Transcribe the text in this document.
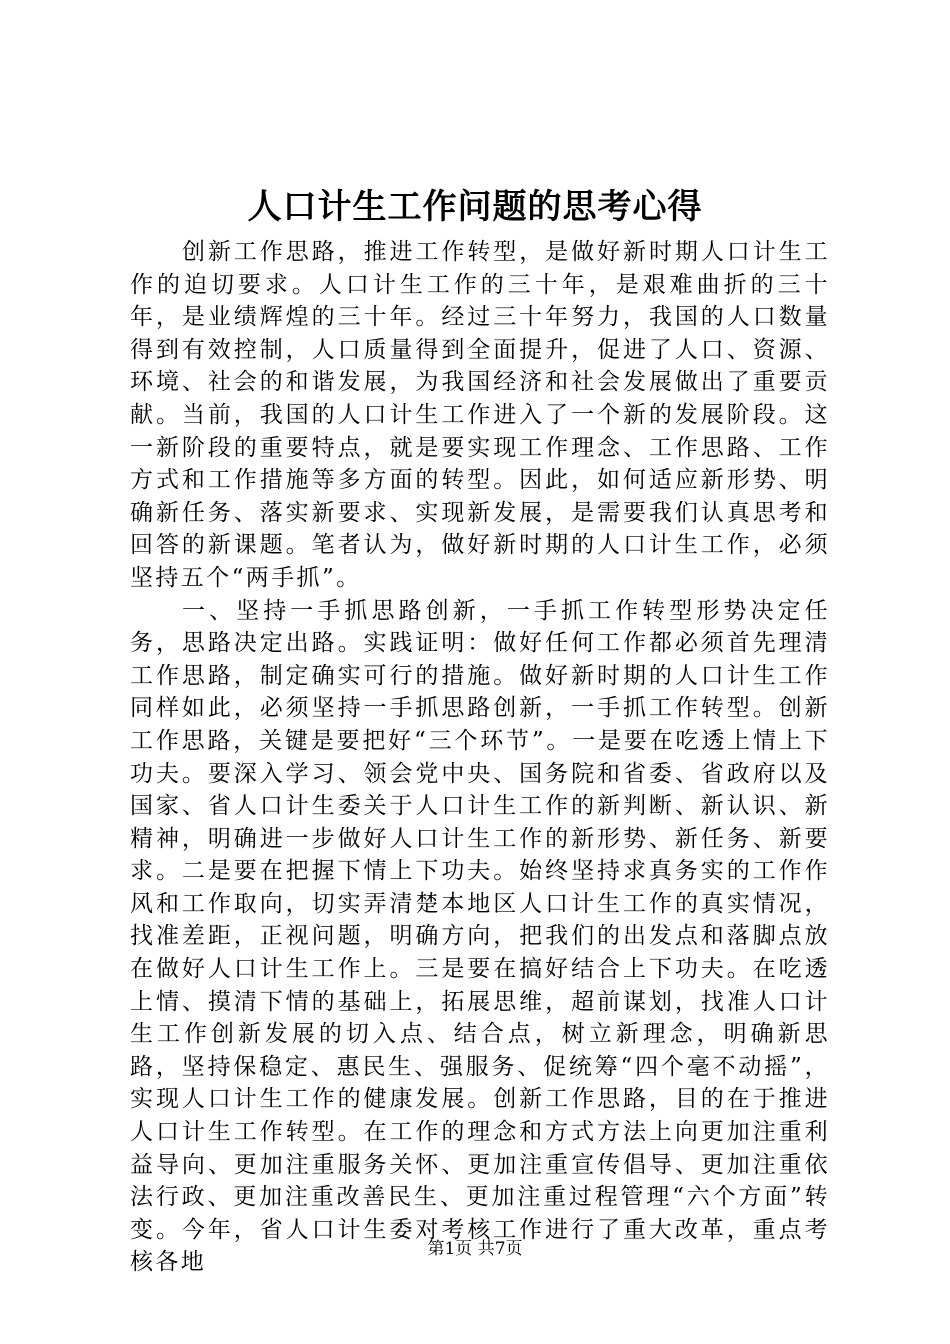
人口计生工作问题的思考心得

创新工作思路，推进工作转型，是做好新时期人口计生工作的迫切要求。人口计生工作的三十年，是艰难曲折的三十年，是业绩辉煌的三十年。经过三十年努力，我国的人口数量得到有效控制，人口质量得到全面提升，促进了人口、资源、环境、社会的和谐发展，为我国经济和社会发展做出了重要贡献。当前，我国的人口计生工作进入了一个新的发展阶段。这一新阶段的重要特点，就是要实现工作理念、工作思路、工作方式和工作措施等多方面的转型。因此，如何适应新形势、明确新任务、落实新要求、实现新发展，是需要我们认真思考和回答的新课题。笔者认为，做好新时期的人口计生工作，必须坚持五个“两手抓”。

一、坚持一手抓思路创新，一手抓工作转型形势决定任务，思路决定出路。实践证明：做好任何工作都必须首先理清工作思路，制定确实可行的措施。做好新时期的人口计生工作同样如此，必须坚持一手抓思路创新，一手抓工作转型。创新工作思路，关键是要把好“三个环节”。一是要在吃透上情上下功夫。要深入学习、领会党中央、国务院和省委、省政府以及国家、省人口计生委关于人口计生工作的新判断、新认识、新精神，明确进一步做好人口计生工作的新形势、新任务、新要求。二是要在把握下情上下功夫。始终坚持求真务实的工作作风和工作取向，切实弄清楚本地区人口计生工作的真实情况，找准差距，正视问题，明确方向，把我们的出发点和落脚点放在做好人口计生工作上。三是要在搞好结合上下功夫。在吃透上情、摸清下情的基础上，拓展思维，超前谋划，找准人口计生工作创新发展的切入点、结合点，树立新理念，明确新思路，坚持保稳定、惠民生、强服务、促统筹“四个毫不动摇”，实现人口计生工作的健康发展。创新工作思路，目的在于推进人口计生工作转型。在工作的理念和方式方法上向更加注重利益导向、更加注重服务关怀、更加注重宣传倡导、更加注重依法行政、更加注重改善民生、更加注重过程管理“六个方面”转变。今年，省人口计生委对考核工作进行了重大改革，重点考核各地

第1页 共7页
